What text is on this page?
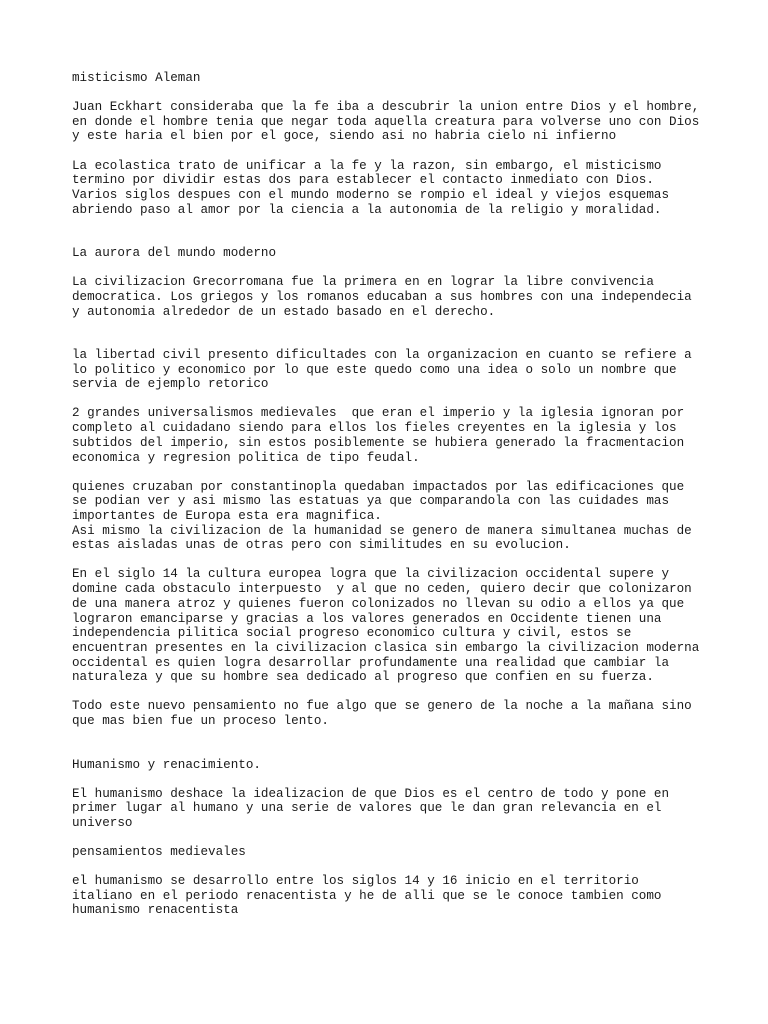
misticismo Aleman
Juan Eckhart consideraba que la fe iba a descubrir la union entre Dios y el hombre,
en donde el hombre tenia que negar toda aquella creatura para volverse uno con Dios
y este haria el bien por el goce, siendo asi no habria cielo ni infierno
La ecolastica trato de unificar a la fe y la razon, sin embargo, el misticismo
termino por dividir estas dos para establecer el contacto inmediato con Dios.
Varios siglos despues con el mundo moderno se rompio el ideal y viejos esquemas
abriendo paso al amor por la ciencia a la autonomia de la religio y moralidad.
La aurora del mundo moderno
La civilizacion Grecorromana fue la primera en en lograr la libre convivencia
democratica. Los griegos y los romanos educaban a sus hombres con una independecia
y autonomia alrededor de un estado basado en el derecho.
la libertad civil presento dificultades con la organizacion en cuanto se refiere a
lo politico y economico por lo que este quedo como una idea o solo un nombre que
servia de ejemplo retorico
2 grandes universalismos medievales  que eran el imperio y la iglesia ignoran por
completo al cuidadano siendo para ellos los fieles creyentes en la iglesia y los
subtidos del imperio, sin estos posiblemente se hubiera generado la fracmentacion
economica y regresion politica de tipo feudal.
quienes cruzaban por constantinopla quedaban impactados por las edificaciones que
se podian ver y asi mismo las estatuas ya que comparandola con las cuidades mas
importantes de Europa esta era magnifica.
Asi mismo la civilizacion de la humanidad se genero de manera simultanea muchas de
estas aisladas unas de otras pero con similitudes en su evolucion.
En el siglo 14 la cultura europea logra que la civilizacion occidental supere y
domine cada obstaculo interpuesto  y al que no ceden, quiero decir que colonizaron
de una manera atroz y quienes fueron colonizados no llevan su odio a ellos ya que
lograron emanciparse y gracias a los valores generados en Occidente tienen una
independencia pilitica social progreso economico cultura y civil, estos se
encuentran presentes en la civilizacion clasica sin embargo la civilizacion moderna
occidental es quien logra desarrollar profundamente una realidad que cambiar la
naturaleza y que su hombre sea dedicado al progreso que confien en su fuerza.
Todo este nuevo pensamiento no fue algo que se genero de la noche a la mañana sino
que mas bien fue un proceso lento.
Humanismo y renacimiento.
El humanismo deshace la idealizacion de que Dios es el centro de todo y pone en
primer lugar al humano y una serie de valores que le dan gran relevancia en el
universo
pensamientos medievales
el humanismo se desarrollo entre los siglos 14 y 16 inicio en el territorio
italiano en el periodo renacentista y he de alli que se le conoce tambien como
humanismo renacentista
